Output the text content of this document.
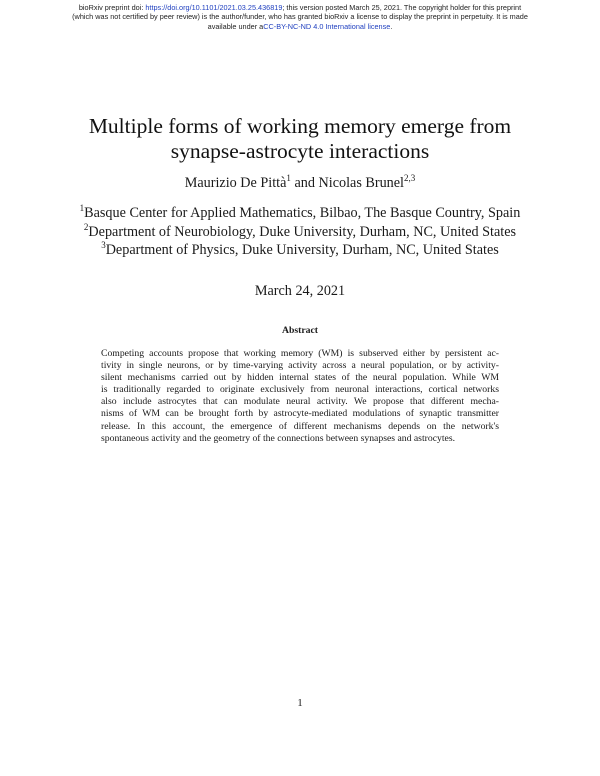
bioRxiv preprint doi: https://doi.org/10.1101/2021.03.25.436819; this version posted March 25, 2021. The copyright holder for this preprint
(which was not certified by peer review) is the author/funder, who has granted bioRxiv a license to display the preprint in perpetuity. It is made
available under aCC-BY-NC-ND 4.0 International license.
Multiple forms of working memory emerge from
synapse-astrocyte interactions
Maurizio De Pittà$^1$ and Nicolas Brunel$^{2,3}$
$^1$Basque Center for Applied Mathematics, Bilbao, The Basque Country, Spain
$^2$Department of Neurobiology, Duke University, Durham, NC, United States
$^3$Department of Physics, Duke University, Durham, NC, United States
March 24, 2021
Abstract
Competing accounts propose that working memory (WM) is subserved either by persistent ac-
tivity in single neurons, or by time-varying activity across a neural population, or by activity-
silent mechanisms carried out by hidden internal states of the neural population. While WM
is traditionally regarded to originate exclusively from neuronal interactions, cortical networks
also include astrocytes that can modulate neural activity. We propose that different mecha-
nisms of WM can be brought forth by astrocyte-mediated modulations of synaptic transmitter
release. In this account, the emergence of different mechanisms depends on the network's
spontaneous activity and the geometry of the connections between synapses and astrocytes.
1
